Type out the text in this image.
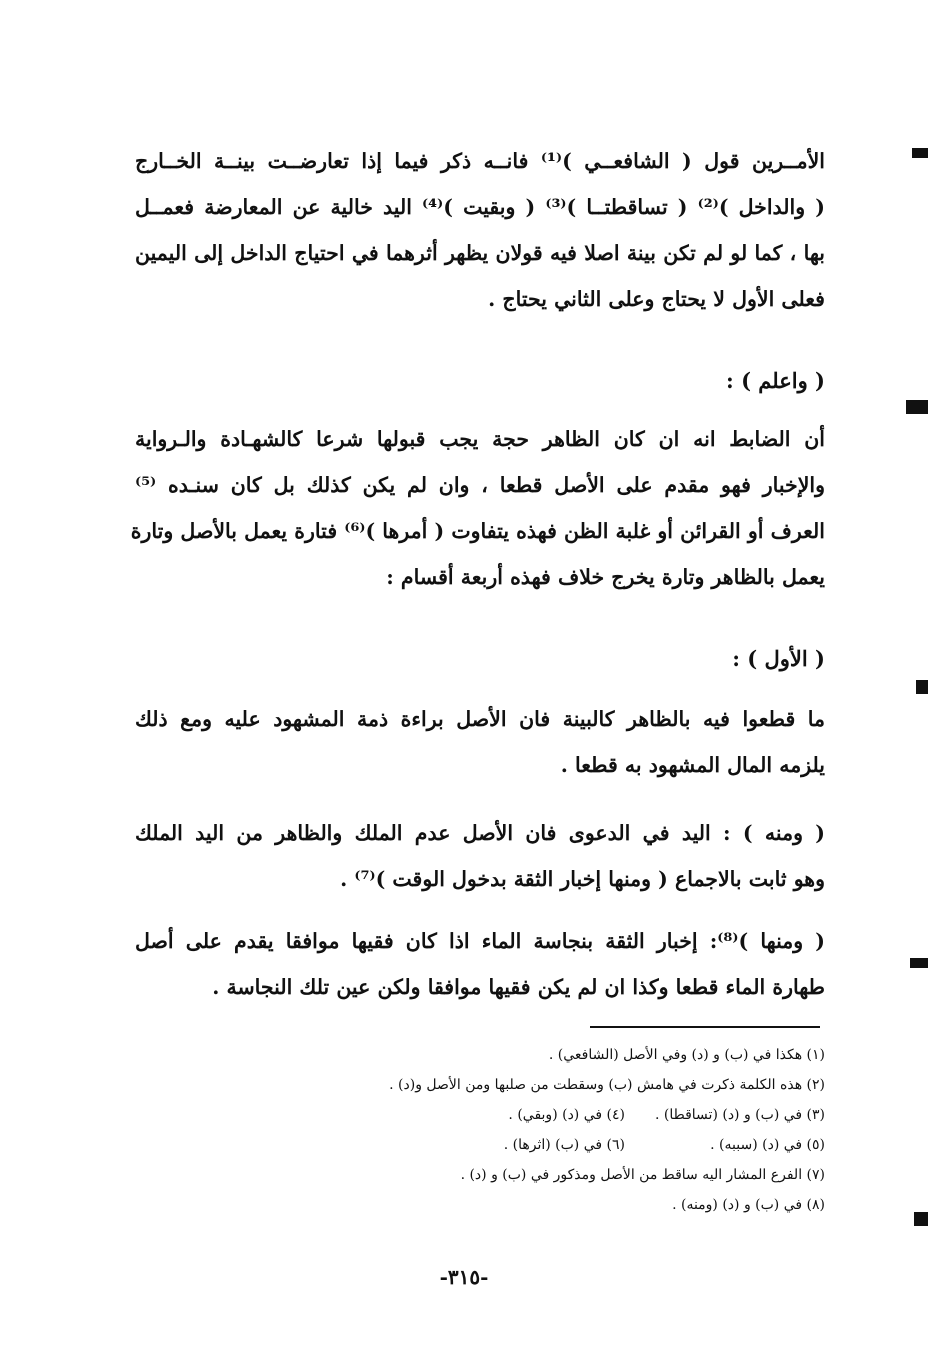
الأمــرين قول ( الشافعــي )⁽¹⁾ فانــه ذكر فيما إذا تعارضــت بينــة الخــارج
( والداخل )⁽²⁾ ( تساقطتــا )⁽³⁾ ( وبقيت )⁽⁴⁾ اليد خالية عن المعارضة فعمــل
بها ، كما لو لم تكن بينة اصلا فيه قولان يظهر أثرهما في احتياج الداخل إلى اليمين
فعلى الأول لا يحتاج وعلى الثاني يحتاج .
( واعلم ) :
أن الضابط انه ان كان الظاهر حجة يجب قبولها شرعا كالشهـادة والـرواية
والإخبار فهو مقدم على الأصل قطعا ، وان لم يكن كذلك بل كان سنـده ⁽⁵⁾
العرف أو القرائن أو غلبة الظن فهذه يتفاوت ( أمرها )⁽⁶⁾ فتارة يعمل بالأصل وتارة
يعمل بالظاهر وتارة يخرج خلاف فهذه أربعة أقسام :
( الأول ) :
ما قطعوا فيه بالظاهر كالبينة فان الأصل براءة ذمة المشهود عليه ومع ذلك
يلزمه المال المشهود به قطعا .
( ومنه ) : اليد في الدعوى فان الأصل عدم الملك والظاهر من اليد الملك
وهو ثابت بالاجماع ( ومنها إخبار الثقة بدخول الوقت )⁽⁷⁾ .
( ومنها )⁽⁸⁾: إخبار الثقة بنجاسة الماء اذا كان فقيها موافقا يقدم على أصل
طهارة الماء قطعا وكذا ان لم يكن فقيها موافقا ولكن عين تلك النجاسة .
(١) هكذا في (ب) و (د) وفي الأصل (الشافعي) .
(٢) هذه الكلمة ذكرت في هامش (ب) وسقطت من صلبها ومن الأصل و(د) .
(٣) في (ب) و (د) (تساقطا) .
(٤) في (د) (وبقي) .
(٥) في (د) (سببه) .
(٦) في (ب) (اثرها) .
(٧) الفرع المشار اليه ساقط من الأصل ومذكور في (ب) و (د) .
(٨) في (ب) و (د) (ومنه) .
-٣١٥-
